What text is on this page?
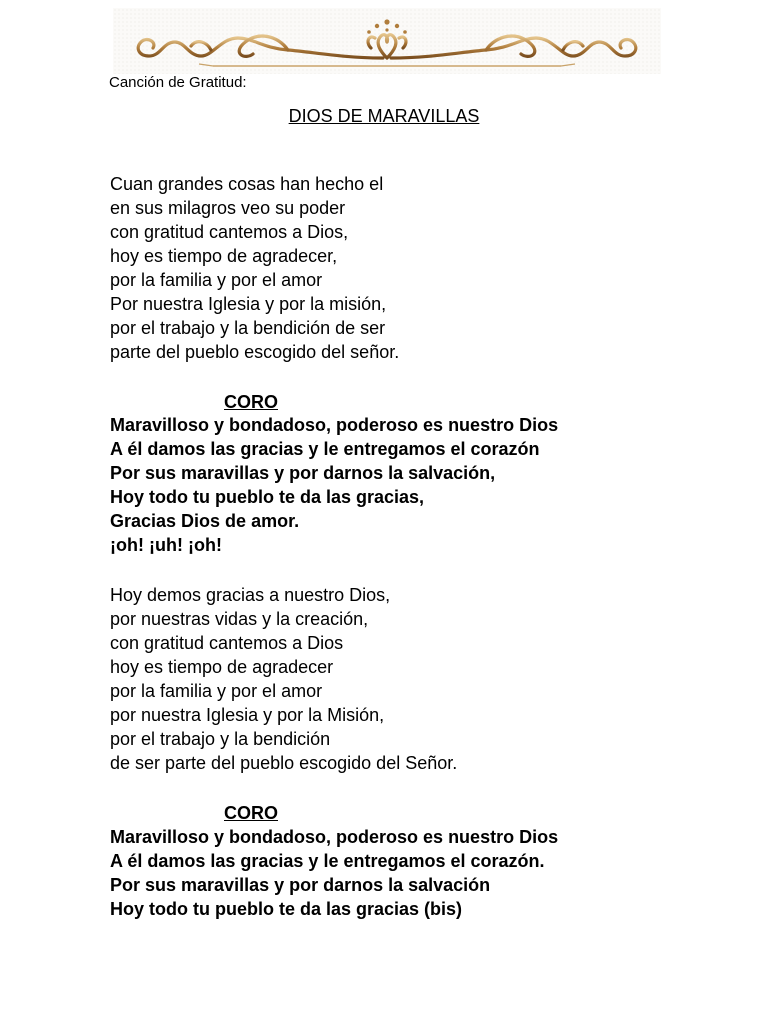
Canción de Gratitud:
DIOS DE MARAVILLAS
Cuan grandes cosas han hecho el
en sus milagros veo su poder
con gratitud cantemos a Dios,
hoy es tiempo de agradecer,
por la familia y por el amor
Por nuestra Iglesia y por la misión,
por el trabajo y la bendición de ser
parte del pueblo escogido del señor.
CORO
Maravilloso y bondadoso, poderoso es nuestro Dios
A él damos las gracias y le entregamos el corazón
Por sus maravillas y por darnos la salvación,
Hoy todo tu pueblo te da las gracias,
Gracias Dios de amor.
¡oh! ¡uh! ¡oh!
Hoy demos gracias a nuestro Dios,
por nuestras vidas y la creación,
con gratitud cantemos a Dios
hoy es tiempo de agradecer
por la familia y por el amor
por nuestra Iglesia y por la Misión,
por el trabajo y la bendición
de ser parte del pueblo escogido del Señor.
CORO
Maravilloso y bondadoso, poderoso es nuestro Dios
A él damos las gracias y le entregamos el corazón.
Por sus maravillas y por darnos la salvación
Hoy todo tu pueblo te da las gracias (bis)
